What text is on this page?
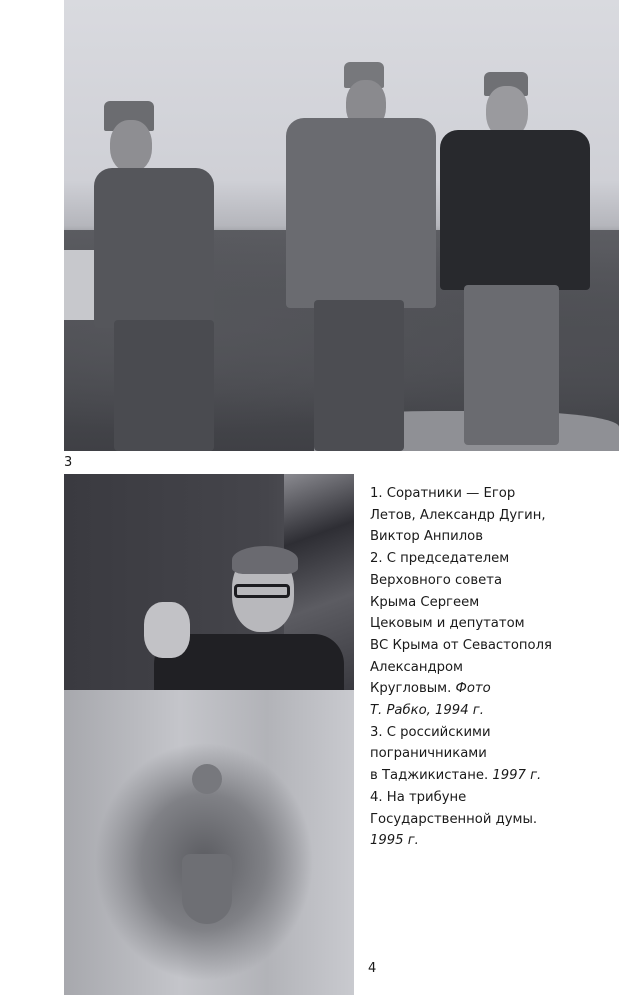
3

1. Соратники — Егор

Летов, Александр Дугин,

Виктор Анпилов

2. С председателем

Верховного совета

Крыма Сергеем

Цековым и депутатом

ВС Крыма от Севастополя

Александром

Кругловым. Фото

Т. Рабко, 1994 г.

3. С российскими

пограничниками

в Таджикистане. 1997 г.

4. На трибуне

Государственной думы.

1995 г.

4
